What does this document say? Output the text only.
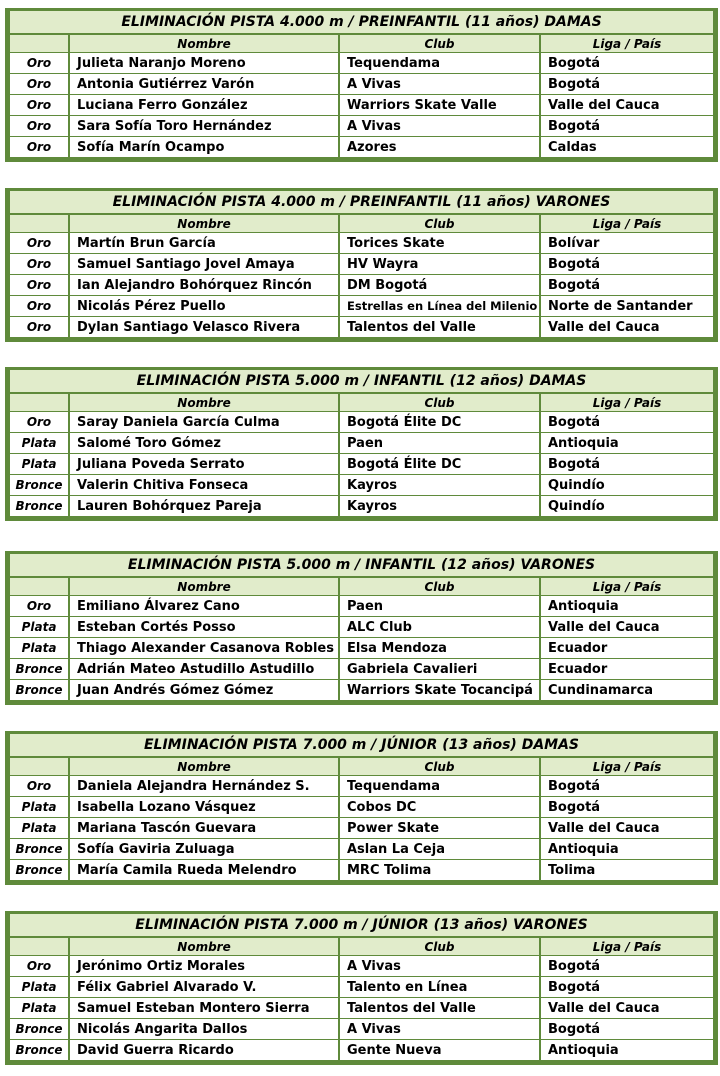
ELIMINACIÓN PISTA 4.000 m / PREINFANTIL (11 años) DAMAS
	Nombre	Club	Liga / País
Oro	Julieta Naranjo Moreno	Tequendama	Bogotá
Oro	Antonia Gutiérrez Varón	A Vivas	Bogotá
Oro	Luciana Ferro González	Warriors Skate Valle	Valle del Cauca
Oro	Sara Sofía Toro Hernández	A Vivas	Bogotá
Oro	Sofía Marín Ocampo	Azores	Caldas
ELIMINACIÓN PISTA 4.000 m / PREINFANTIL (11 años) VARONES
	Nombre	Club	Liga / País
Oro	Martín Brun García	Torices Skate	Bolívar
Oro	Samuel Santiago Jovel Amaya	HV Wayra	Bogotá
Oro	Ian Alejandro Bohórquez Rincón	DM Bogotá	Bogotá
Oro	Nicolás Pérez Puello	Estrellas en Línea del Milenio	Norte de Santander
Oro	Dylan Santiago Velasco Rivera	Talentos del Valle	Valle del Cauca
ELIMINACIÓN PISTA 5.000 m / INFANTIL (12 años) DAMAS
	Nombre	Club	Liga / País
Oro	Saray Daniela García Culma	Bogotá Élite DC	Bogotá
Plata	Salomé Toro Gómez	Paen	Antioquia
Plata	Juliana Poveda Serrato	Bogotá Élite DC	Bogotá
Bronce	Valerin Chitiva Fonseca	Kayros	Quindío
Bronce	Lauren Bohórquez Pareja	Kayros	Quindío
ELIMINACIÓN PISTA 5.000 m / INFANTIL (12 años) VARONES
	Nombre	Club	Liga / País
Oro	Emiliano Álvarez Cano	Paen	Antioquia
Plata	Esteban Cortés Posso	ALC Club	Valle del Cauca
Plata	Thiago Alexander Casanova Robles	Elsa Mendoza	Ecuador
Bronce	Adrián Mateo Astudillo Astudillo	Gabriela Cavalieri	Ecuador
Bronce	Juan Andrés Gómez Gómez	Warriors Skate Tocancipá	Cundinamarca
ELIMINACIÓN PISTA 7.000 m / JÚNIOR (13 años) DAMAS
	Nombre	Club	Liga / País
Oro	Daniela Alejandra Hernández S.	Tequendama	Bogotá
Plata	Isabella Lozano Vásquez	Cobos DC	Bogotá
Plata	Mariana Tascón Guevara	Power Skate	Valle del Cauca
Bronce	Sofía Gaviria Zuluaga	Aslan La Ceja	Antioquia
Bronce	María Camila Rueda Melendro	MRC Tolima	Tolima
ELIMINACIÓN PISTA 7.000 m / JÚNIOR (13 años) VARONES
	Nombre	Club	Liga / País
Oro	Jerónimo Ortiz Morales	A Vivas	Bogotá
Plata	Félix Gabriel Alvarado V.	Talento en Línea	Bogotá
Plata	Samuel Esteban Montero Sierra	Talentos del Valle	Valle del Cauca
Bronce	Nicolás Angarita Dallos	A Vivas	Bogotá
Bronce	David Guerra Ricardo	Gente Nueva	Antioquia
